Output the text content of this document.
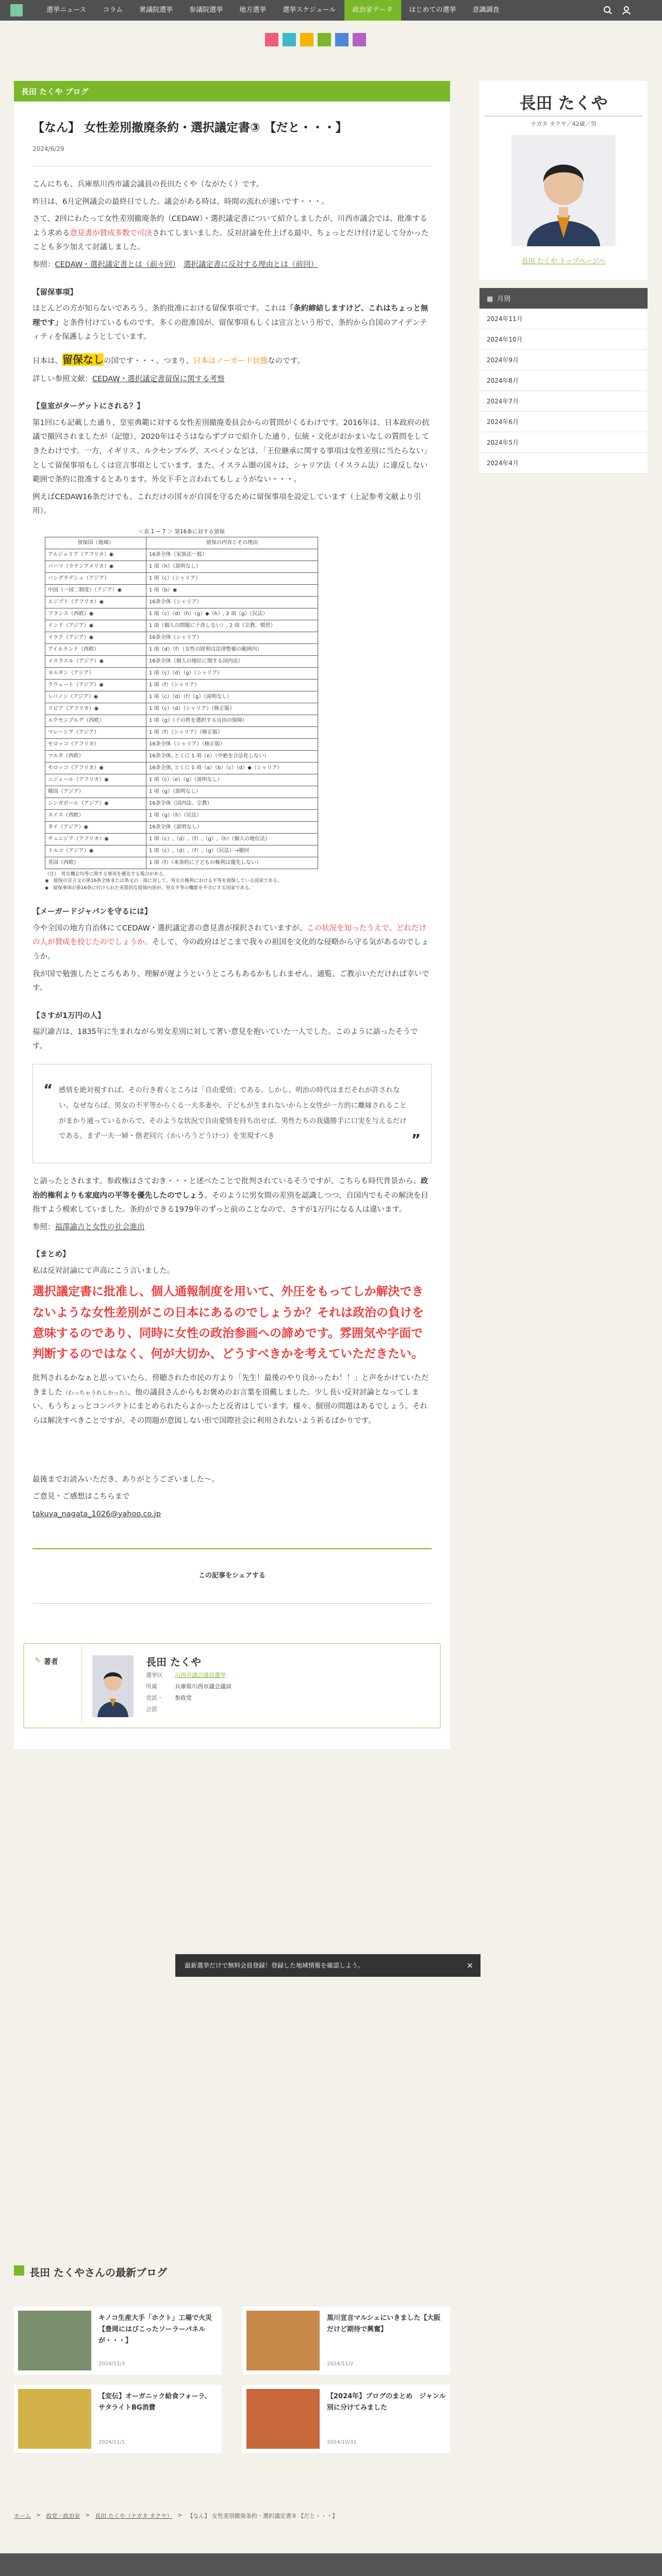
選挙ニュース	コラム	衆議院選挙	参議院選挙	地方選挙	選挙スケジュール	政治家データ	はじめての選挙	意識調査
長田 たくや ブログ
【なん】 女性差別撤廃条約・選択議定書③ 【だと・・・】
2024/6/29

こんにちも、兵庫県川西市議会議員の長田たくや（ながたく）です。

昨日は、6月定例議会の最終日でした。議会がある時は、時間の流れが速いです・・・。

さて、2回にわたって女性差別撤廃条約（CEDAW）・選択議定書について紹介しましたが、川西市議会では、批准するよう求める意見書が賛成多数で可決されてしまいました。反対討論を仕上げる最中、ちょっとだけ付け足して分かったことも多少加えて討議しました。

参照：CEDAW・選択議定書とは（前々回）　 選択議定書に反対する理由とは（前回）

【留保事項】

ほとんどの方が知らないであろう、条約批准における留保事項です。これは「条約締結しますけど、これはちょっと無理です」と条件付けているものです。多くの批准国が、留保事項もしくは宣言という形で、条約から自国のアイデンティティを保護しようとしています。

日本は、留保なしの国です・・・。つまり、日本はノーガード状態なのです。

詳しい参照文献：CEDAW・選択議定書留保に関する考察

【皇室がターゲットにされる？】

第1回にも記載した通り、皇室典範に対する女性差別撤廃委員会からの質問がくるわけです。2016年は、日本政府の抗議で撤回されましたが（記憶）、2020年はそうはならずプロで紹介した通り、伝統・文化がおかまいなしの質問をしてきたわけです。一方、イギリス、ルクセンブルグ、スペインなどは、「王位継承に関する事項は女性差別に当たらない」として留保事項もしくは宣言事項としています。また、イスラム圏の国々は、シャリア法（イスラム法）に違反しない範囲で条約に批准するとあります。外交下手と言われてもしょうがない・・・。

例えばCEDAW16条だけでも、これだけの国々が自国を守るために留保事項を設定しています（上記参考文献より引用）。

＜表 1 − 7 ＞ 第16条に対する留保
留保国（地域）	留保の内容とその理由
アルジェリア（アフリカ）◉	16条全体（家族法一般）
バハマ（ラテンアメリカ）◉	1 項（h）（説明なし）
バングラデシュ（アジア）	1 項（c）（シャリア）
中国（一国二制度）（アジア）◉	1 項（b）◉
エジプト（アフリカ）◉	16条全体（シャリア）
フランス（西欧）◉	1 項（c）（d）（h）（g）◆（h）, 2 項（g）（民法）
インド（アジア）◉	1 項（個人の問題に干渉しない）, 2 項（宗教、慣習）
イラク（アジア）◉	16条全体（シャリア）
アイルランド（西欧）	1 項（d）（f）（女性の財利は法律整備の範囲内）
イスラエル（アジア）◉	16条全体（個人の地位に関する国内法）
ヨルダン（アジア）	1 項（c）（d）（g）（シャリア）
クウェート（アジア）◉	1 項（f）（シャリア）
レバノン（アジア）◉	1 項（c）（d）（f）（g）（説明なし）
リビア（アフリカ）◉	1 項（c）（d）（シャリア）（修正版）
ルクセンブルグ（西欧）	1 項（g）（子の姓を選択する自由の保障）
マレーシア（アジア）	1 項（f）（シャリア）（修正版）
モロッコ（アフリカ）	16条全体（シャリア）（修正版）
マルタ（西欧）	16条全体, とくに 1 項（e）（中絶を合法化しない）
モロッコ（アフリカ）◉	16条全体, とくに 1 項（a）（b）（c）（d）◆（シャリア）
ニジェール（アフリカ）◉	1 項（c）（e）（g）（説明なし）
韓国（アジア）	1 項（g）（説明なし）
シンガポール（アジア）◉	16条全体（国内法、宗教）
スイス（西欧）	1 項（g）（h）（民法）
タイ（アジア）◉	16条全体（説明なし）
チュニジア（アフリカ）◉	1 項（c）,（d）,（f）,（g）,（h）（個人の地位法）
トルコ（アジア）◉	1 項（c）,（d）,（f）,（g）（民法）→撤回
英国（西欧）	1 項（f）（本条約に子どもの権利は優先しない）
（注）　男女機会均等に関する事項を優先する場合がある。
◉　留保の宣言文の第16条全体または条文の一部に対して、男女の権利における平等を留保している国家である。
◆　留保事項の第16条に付けられた実質的な留保内容が、男女平等の機能を不全にする国家である。
【メーガードジャパンを守るには】

今や全国の地方自治体にてCEDAW・選択議定書の意見書が採択されていますが、この状況を知ったうえで、どれだけの人が賛成を投じたのでしょうか。そして、今の政府はどこまで我々の祖国を文化的な侵略から守る気があるのでしょうか。

我が国で勉強したところもあり、理解が遅ようというところもあるかもしれません。通覧、ご教示いただければ幸いです。

【さすが1万円の人】

福沢諭吉は、1835年に生まれながら男女差別に対して著い意見を抱いていた一人でした。このように語ったそうです。

“ 感情を絶対視すれば、その行き着くところは「自由愛情」である。しかし、明治の時代はまだそれが許されない。なぜならば、男女の不平等からくる一夫多妻や、子どもが生まれないからと女性が一方的に離縁されることがまかり通っているからで、そのような状況で自由愛情を持ち出せば、男性たちの我儘勝手に口実を与えるだけである。まず一夫一婦・偕老同穴（かいろうどうけつ）を実現すべき	”

と語ったとされます。参政権はさておき・・・と述べたことで批判されているそうですが、こちらも時代背景から、政治的権利よりも家庭内の平等を優先したのでしょう。そのように男女間の差別を認識しつつ、自国内でもその解決を目指すよう模索していました。条約ができる1979年のずっと前のことなので、さすが1万円になる人は違います。

参照：福澤諭吉と女性の社会進出

【まとめ】

私は反対討論にて声高にこう言いました。

選択議定書に批准し、個人通報制度を用いて、外圧をもってしか解決できないような女性差別がこの日本にあるのでしょうか？それは政治の負けを意味するのであり、同時に女性の政治参画への諦めです。雰囲気や字面で判断するのではなく、何が大切か、どうすべきかを考えていただきたい。

批判されるかなぁと思っていたら、傍聴された市民の方より「先生！最後のやり良かったわ！！」と声をかけていただきました（わっちゃうれしかった）。他の議員さんからもお褒めのお言葉を頂戴しました。少し長い反対討論となってしまい、もうちょっとコンパクトにまとめられたらよかったと反省はしています。様々、個別の問題はあるでしょう。それらは解決すべきことですが、その問題が意図しない形で国際社会に利用されないよう祈るばかりです。

最後までお読みいただき、ありがとうございました〜。

ご意見・ご感想はこちらまで

takuya_nagata_1026@yahoo.co.jp

この記事をシェアする
✎ 著者	長田 たくや
選挙区	川西市議会議員選挙
所属	兵庫県川西市議会議員
党派・会派
参政党
最新選挙だけで無料会員登録！登録した地域情報を確認しよう。	×
長田 たくや
ナガタ タクヤ／42歳／男
長田 たくや トップページへ
▦ 月別
2024年11月
2024年10月
2024年9月
2024年8月
2024年7月
2024年6月
2024年5月
2024年4月
長田 たくやさんの最新ブログ
キノコ生産大手「ホクト」工場で火災【豊岡にはびこったソーラーパネルが・・・】
2024/11/3
黒川宣言マルシェにいきました【大阪だけど期待で興奮】
2024/11/2
【変伝】オーガニック給食フォーラ、サタライトBG消費
2024/11/1
【2024年】ブログのまとめ　ジャンル別に分けてみました
2024/10/31
ホーム > 政党・政治家 > 長田 たくや（ナガタ タクヤ） > 【なん】 女性差別撤廃条約・選択議定書③ 【だと・・・】
